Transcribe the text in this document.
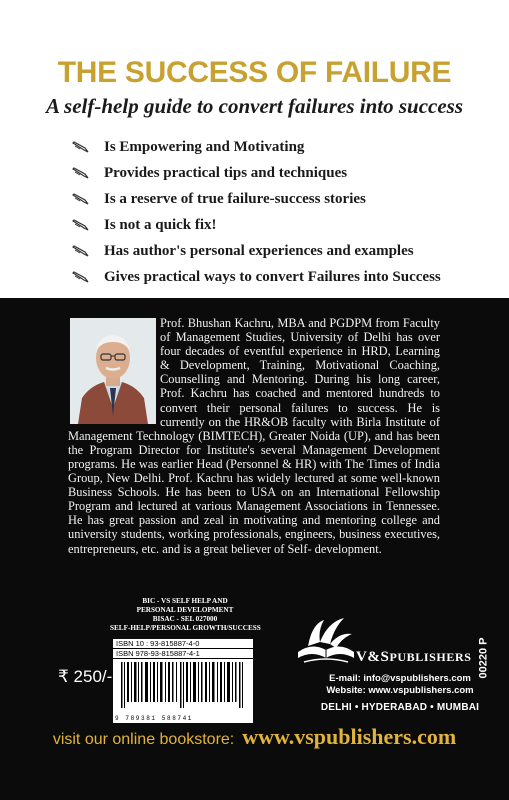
THE SUCCESS OF FAILURE
A self-help guide to convert failures into success
Is Empowering and Motivating
Provides practical tips and techniques
Is a reserve of true failure-success stories
Is not a quick fix!
Has author's personal experiences and examples
Gives practical ways to convert Failures into Success
Prof. Bhushan Kachru, MBA and PGDPM from Faculty of Management Studies, University of Delhi has over four decades of eventful experience in HRD, Learning & Development, Training, Motivational Coaching, Counselling and Mentoring. During his long career, Prof. Kachru has coached and mentored hundreds to convert their personal failures to success. He is currently on the HR&OB faculty with Birla Institute of Management Technology (BIMTECH), Greater Noida (UP), and has been the Program Director for Institute's several Management Development programs. He was earlier Head (Personnel & HR) with The Times of India Group, New Delhi. Prof. Kachru has widely lectured at some well-known Business Schools. He has been to USA on an International Fellowship Program and lectured at various Management Associations in Tennessee. He has great passion and zeal in motivating and mentoring college and university students, working professionals, engineers, business executives, entrepreneurs, etc. and is a great believer of Self- development.
BIC - VS SELF HELP AND
PERSONAL DEVELOPMENT
BISAC - SEL 027000
SELF-HELP/PERSONAL GROWTH/SUCCESS
ISBN 10 : 93-815887-4-0
ISBN 978-93-815887-4-1
9 789381 588741
₹ 250/-	00220 P
V&SPUBLISHERS
E-mail: info@vspublishers.com
Website: www.vspublishers.com
DELHI • HYDERABAD • MUMBAI
visit our online bookstore: www.vspublishers.com
